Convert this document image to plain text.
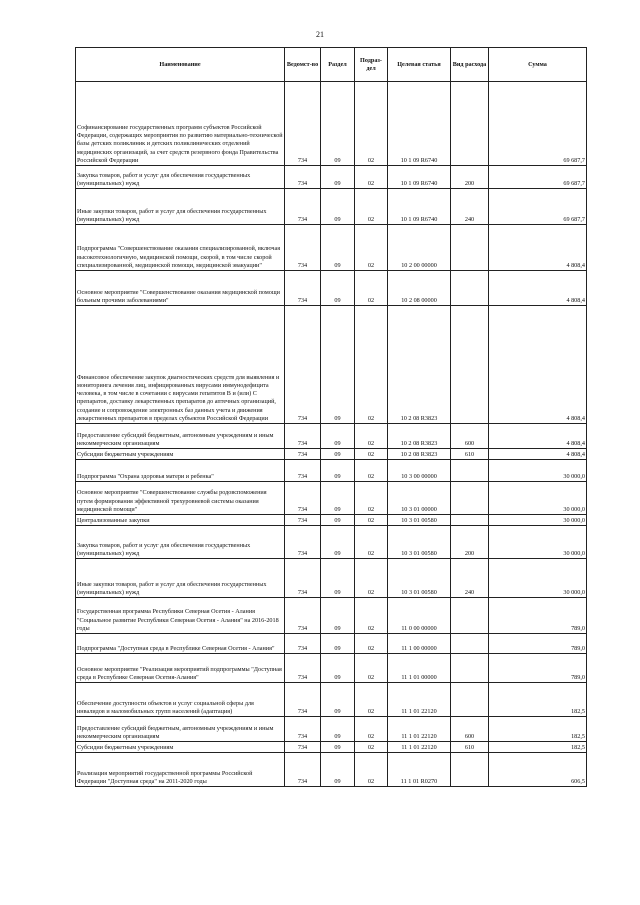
21
Наименование	Ведомст-во	Раздел	Подраз-дел	Целевая статья	Вид расхода	Сумма
Софинансирование государственных программ субъектов Российской Федерации, содержащих мероприятия по развитию материально-технической базы детских поликлиник и детских поликлинических отделений медицинских организаций, за счет средств резервного фонда Правительства Российской Федерации	734	09	02	10 1 09 R6740		69 687,7
Закупка товаров, работ и услуг для обеспечения государственных (муниципальных) нужд	734	09	02	10 1 09 R6740	200	69 687,7
Иные закупки товаров, работ и услуг для обеспечения государственных (муниципальных) нужд	734	09	02	10 1 09 R6740	240	69 687,7
Подпрограмма "Совершенствование оказания специализированной, включая высокотехнологичную, медицинской помощи, скорой, в том числе скорой специализированной, медицинской помощи, медицинской эвакуации"	734	09	02	10 2 00 00000		4 808,4
Основное мероприятие "Совершенствование оказания медицинской помощи больным прочими заболеваниями"	734	09	02	10 2 08 00000		4 808,4
Финансовое обеспечение закупок диагностических средств для выявления и мониторинга лечения лиц, инфицированных вирусами иммунодефицита человека, в том числе в сочетании с вирусами гепатитов В и (или) С препаратов, доставку лекарственных препаратов до аптечных организаций, создание и сопровождение электронных баз данных учета и движения лекарственных препаратов в пределах субъектов Российской Федерации	734	09	02	10 2 08 R3823		4 808,4
Предоставление субсидий бюджетным, автономным учреждениям и иным некоммерческим организациям	734	09	02	10 2 08 R3823	600	4 808,4
Субсидии бюджетным учреждениям	734	09	02	10 2 08 R3823	610	4 808,4
Подпрограмма "Охрана здоровья матери и ребенка"	734	09	02	10 3 00 00000		30 000,0
Основное мероприятие "Совершенствование службы родовспоможения путем формирования эффективной трехуровневой системы оказания медицинской помощи"	734	09	02	10 3 01 00000		30 000,0
Централизованные закупки	734	09	02	10 3 01 00580		30 000,0
Закупка товаров, работ и услуг для обеспечения государственных (муниципальных) нужд	734	09	02	10 3 01 00580	200	30 000,0
Иные закупки товаров, работ и услуг для обеспечения государственных (муниципальных) нужд	734	09	02	10 3 01 00580	240	30 000,0
Государственная программа Республики Северная Осетия - Алания "Социальное развитие Республики Северная Осетия - Алания" на 2016-2018 годы	734	09	02	11 0 00 00000		789,0
Подпрограмма "Доступная среда в Республике Северная Осетия - Алания"	734	09	02	11 1 00 00000		789,0
Основное мероприятие "Реализация мероприятий подпрограммы "Доступная среда в Республике Северная Осетия-Алания"	734	09	02	11 1 01 00000		789,0
Обеспечение доступности объектов и услуг социальной сферы для инвалидов и маломобильных групп населений (адаптация)	734	09	02	11 1 01 22120		182,5
Предоставление субсидий бюджетным, автономным учреждениям и иным некоммерческим организациям	734	09	02	11 1 01 22120	600	182,5
Субсидии бюджетным учреждениям	734	09	02	11 1 01 22120	610	182,5
Реализация мероприятий государственной программы Российской Федерации "Доступная среда" на 2011-2020 годы	734	09	02	11 1 01 R0270		606,5
